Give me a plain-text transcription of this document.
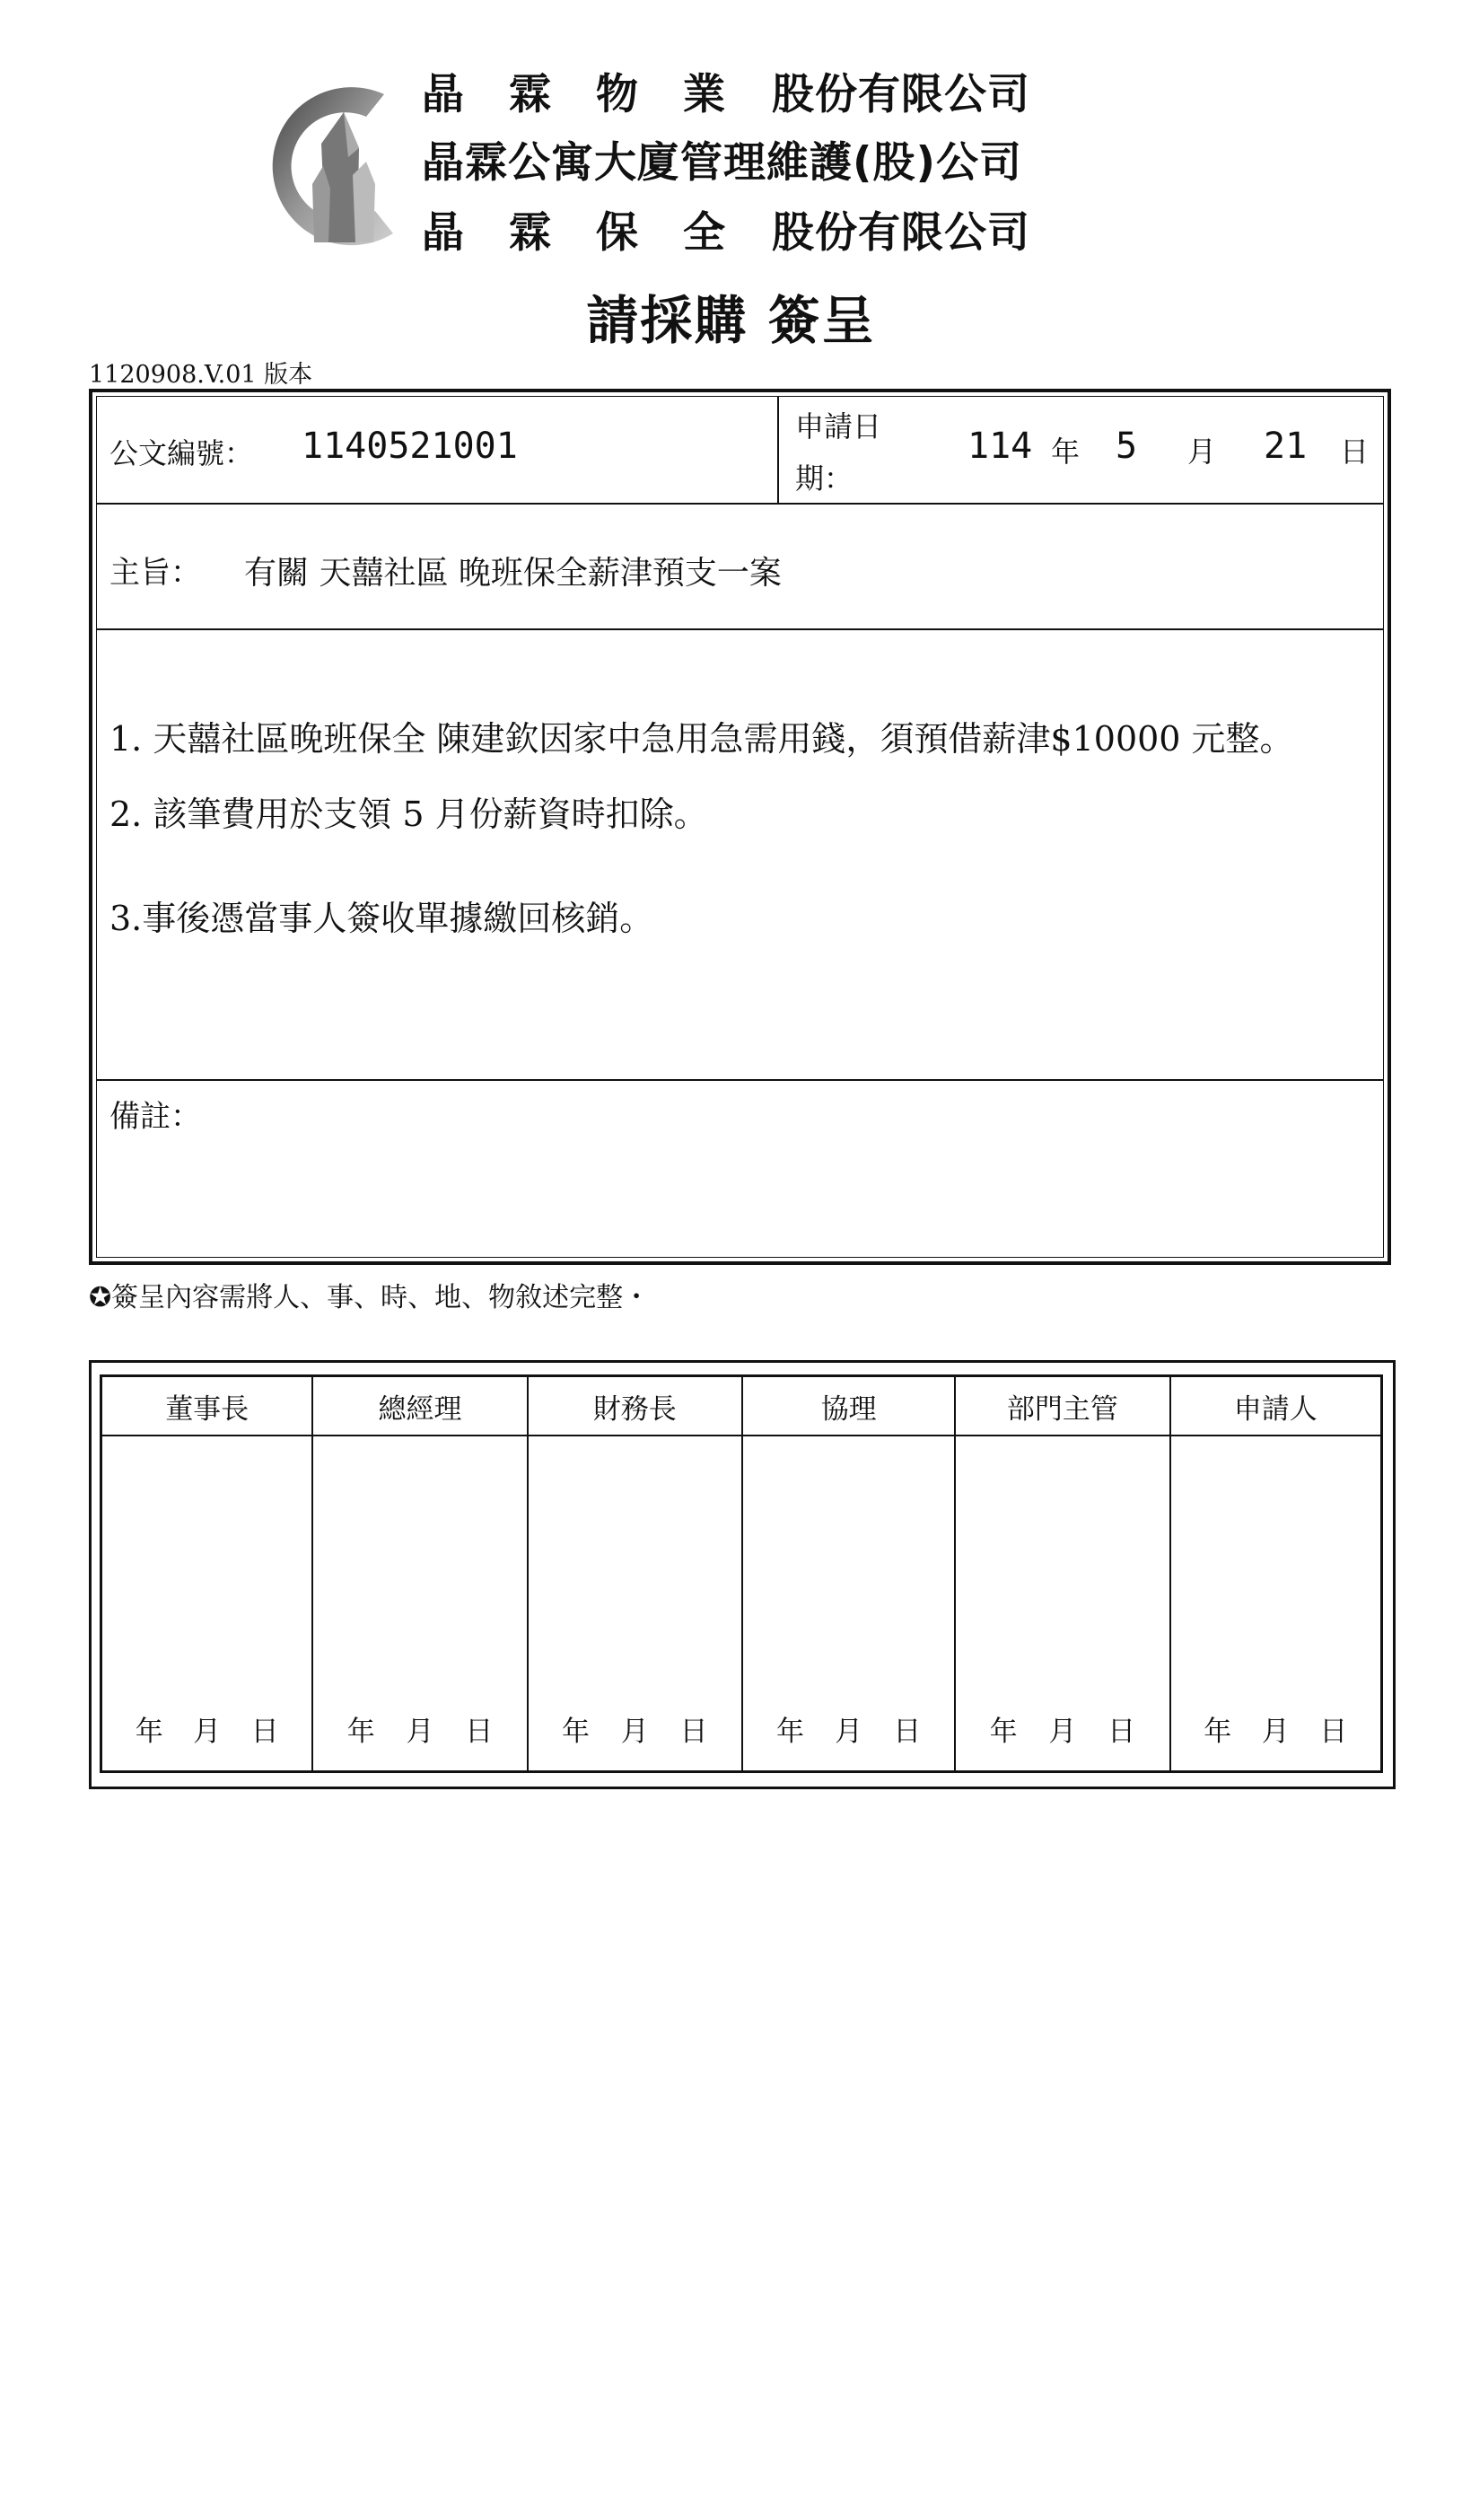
晶 霖 物 業 股份有限公司
晶霖公寓大廈管理維護(股)公司
晶 霖 保 全 股份有限公司
請採購 簽呈
1120908.V.01 版本
公文編號： 1140521001	申請日
期：
114 年 5 月 21 日
主旨： 有關 天囍社區 晚班保全薪津預支一案
1. 天囍社區晚班保全 陳建欽因家中急用急需用錢，須預借薪津$10000 元整。
2. 該筆費用於支領 5 月份薪資時扣除。
3.事後憑當事人簽收單據繳回核銷。
備註：
✪簽呈內容需將人、事、時、地、物敘述完整・
董事長	總經理	財務長	協理	部門主管	申請人

年 月 日	年 月 日	年 月 日	年 月 日	年 月 日	年 月 日
